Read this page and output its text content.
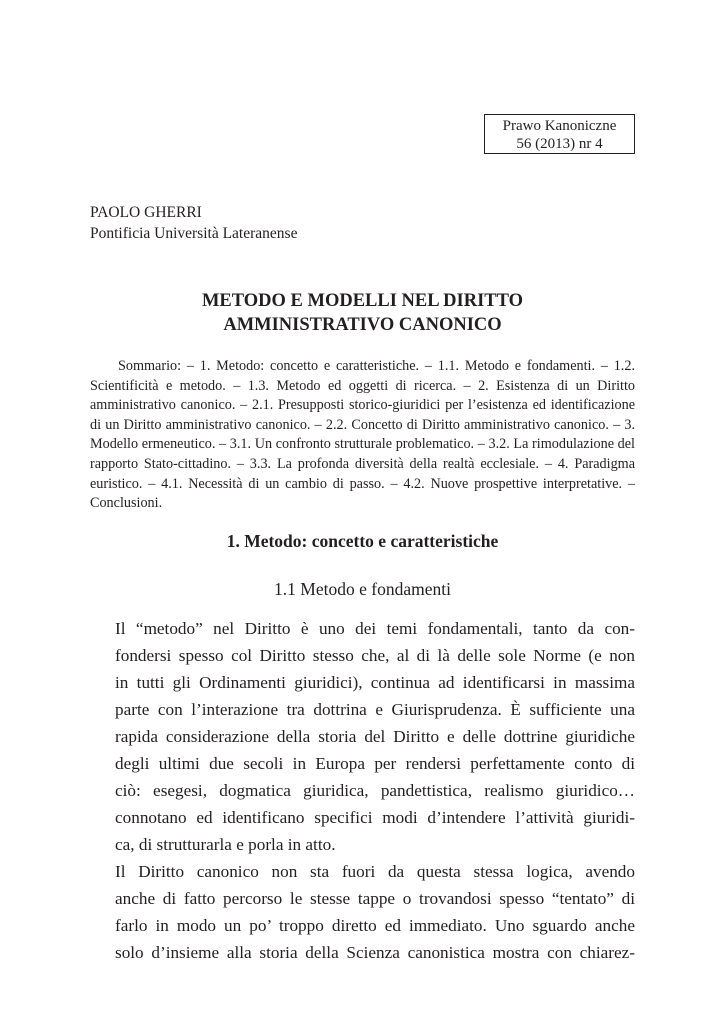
Prawo Kanoniczne
56 (2013) nr 4
PAOLO GHERRI
Pontificia Università Lateranense
METODO E MODELLI NEL DIRITTO
AMMINISTRATIVO CANONICO
Sommario: – 1. Metodo: concetto e caratteristiche. – 1.1. Metodo e fondamenti. – 1.2. Scientificità e metodo. – 1.3. Metodo ed oggetti di ricerca. – 2. Esistenza di un Diritto amministrativo canonico. – 2.1. Presupposti storico-giuridici per l’esistenza ed identificazione di un Diritto amministrativo canonico. – 2.2. Concetto di Diritto amministrativo canonico. – 3. Modello ermeneutico. – 3.1. Un confronto strutturale problematico. – 3.2. La rimodulazione del rapporto Stato-cittadino. – 3.3. La profonda diversità della realtà ecclesiale. – 4. Paradigma euristico. – 4.1. Necessità di un cambio di passo. – 4.2. Nuove prospettive interpretative. – Conclusioni.
1. Metodo: concetto e caratteristiche
1.1 Metodo e fondamenti

Il “metodo” nel Diritto è uno dei temi fondamentali, tanto da con-
fondersi spesso col Diritto stesso che, al di là delle sole Norme (e non
in tutti gli Ordinamenti giuridici), continua ad identificarsi in massima
parte con l’interazione tra dottrina e Giurisprudenza. È sufficiente una
rapida considerazione della storia del Diritto e delle dottrine giuridiche
degli ultimi due secoli in Europa per rendersi perfettamente conto di
ciò: esegesi, dogmatica giuridica, pandettistica, realismo giuridico…
connotano ed identificano specifici modi d’intendere l’attività giuridi-
ca, di strutturarla e porla in atto.

Il Diritto canonico non sta fuori da questa stessa logica, avendo
anche di fatto percorso le stesse tappe o trovandosi spesso “tentato” di
farlo in modo un po’ troppo diretto ed immediato. Uno sguardo anche
solo d’insieme alla storia della Scienza canonistica mostra con chiarez-
